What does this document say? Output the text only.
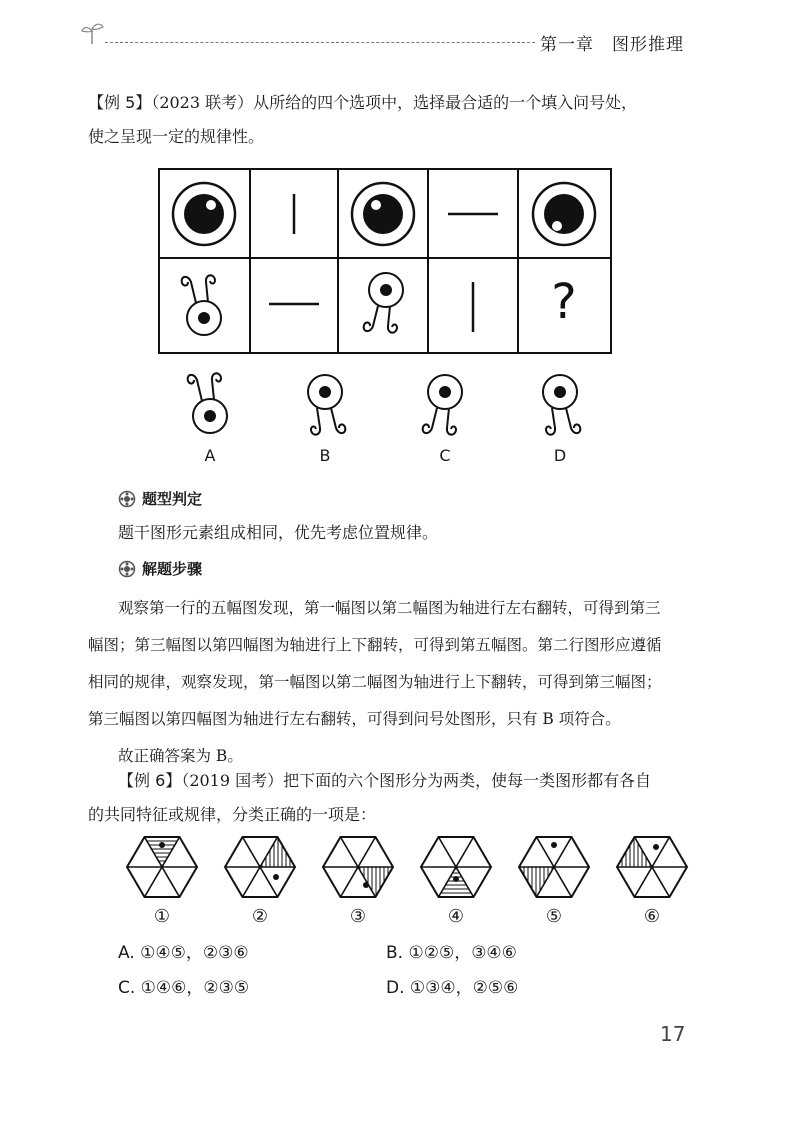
第一章　图形推理
【例 5】（2023 联考）从所给的四个选项中，选择最合适的一个填入问号处，
使之呈现一定的规律性。
?
A	B	C	D
题型判定
题干图形元素组成相同，优先考虑位置规律。
解题步骤
观察第一行的五幅图发现，第一幅图以第二幅图为轴进行左右翻转，可得到第三
幅图；第三幅图以第四幅图为轴进行上下翻转，可得到第五幅图。第二行图形应遵循
相同的规律，观察发现，第一幅图以第二幅图为轴进行上下翻转，可得到第三幅图；
第三幅图以第四幅图为轴进行左右翻转，可得到问号处图形，只有 B 项符合。
故正确答案为 B。
【例 6】（2019 国考）把下面的六个图形分为两类，使每一类图形都有各自
的共同特征或规律，分类正确的一项是：
①	②	③	④	⑤	⑥
A. ①④⑤，②③⑥	B. ①②⑤，③④⑥
C. ①④⑥，②③⑤	D. ①③④，②⑤⑥
17
